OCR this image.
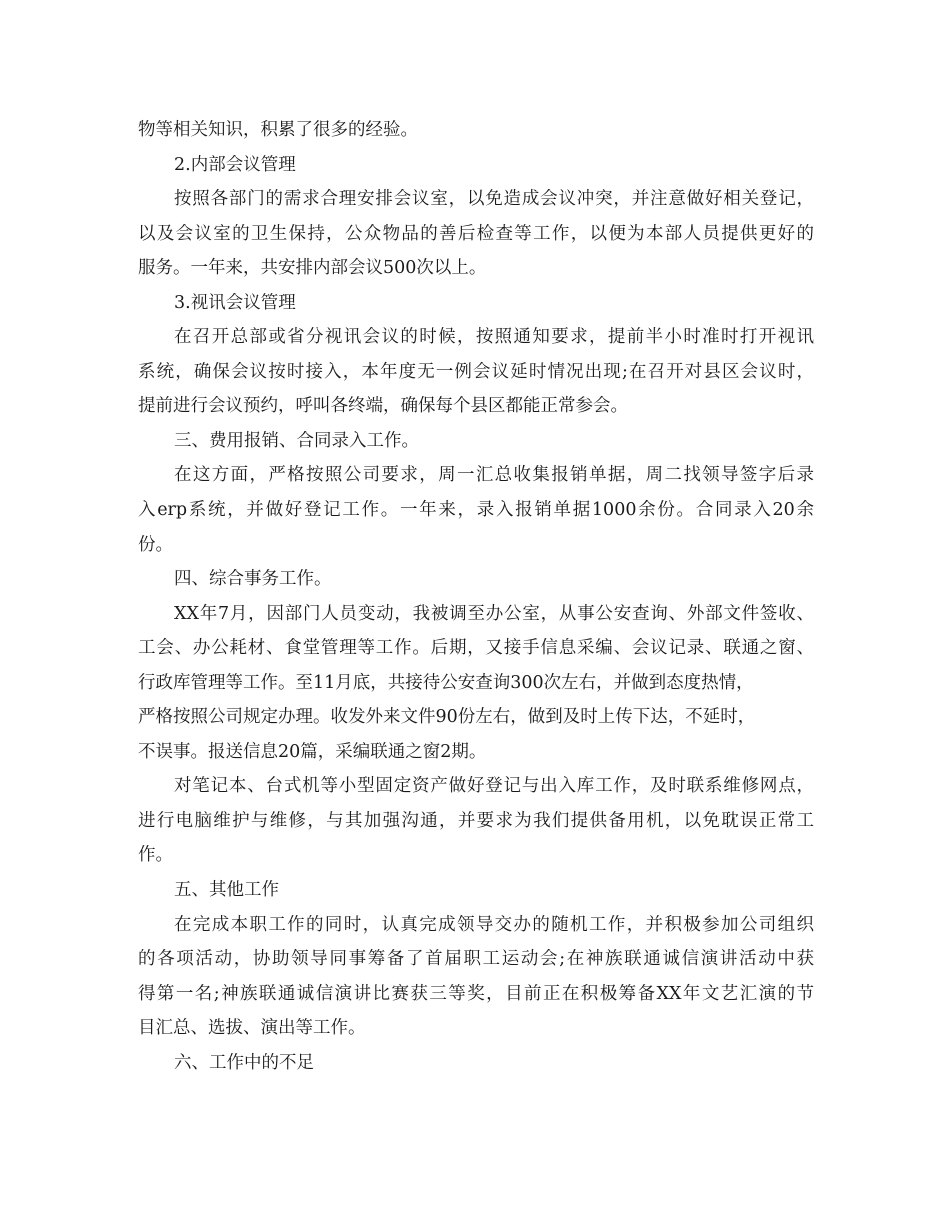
物等相关知识，积累了很多的经验。
2.内部会议管理
按照各部门的需求合理安排会议室，以免造成会议冲突，并注意做好相关登记，
以及会议室的卫生保持，公众物品的善后检查等工作，以便为本部人员提供更好的
服务。一年来，共安排内部会议500次以上。
3.视讯会议管理
在召开总部或省分视讯会议的时候，按照通知要求，提前半小时准时打开视讯
系统，确保会议按时接入，本年度无一例会议延时情况出现;在召开对县区会议时，
提前进行会议预约，呼叫各终端，确保每个县区都能正常参会。
三、费用报销、合同录入工作。
在这方面，严格按照公司要求，周一汇总收集报销单据，周二找领导签字后录
入erp系统，并做好登记工作。一年来，录入报销单据1000余份。合同录入20余
份。
四、综合事务工作。
XX年7月，因部门人员变动，我被调至办公室，从事公安查询、外部文件签收、
工会、办公耗材、食堂管理等工作。后期，又接手信息采编、会议记录、联通之窗、
行政库管理等工作。至11月底，共接待公安查询300次左右，并做到态度热情，
严格按照公司规定办理。收发外来文件90份左右，做到及时上传下达，不延时，
不误事。报送信息20篇，采编联通之窗2期。
对笔记本、台式机等小型固定资产做好登记与出入库工作，及时联系维修网点，
进行电脑维护与维修，与其加强沟通，并要求为我们提供备用机，以免耽误正常工
作。
五、其他工作
在完成本职工作的同时，认真完成领导交办的随机工作，并积极参加公司组织
的各项活动，协助领导同事筹备了首届职工运动会;在神族联通诚信演讲活动中获
得第一名;神族联通诚信演讲比赛获三等奖，目前正在积极筹备XX年文艺汇演的节
目汇总、选拔、演出等工作。
六、工作中的不足
